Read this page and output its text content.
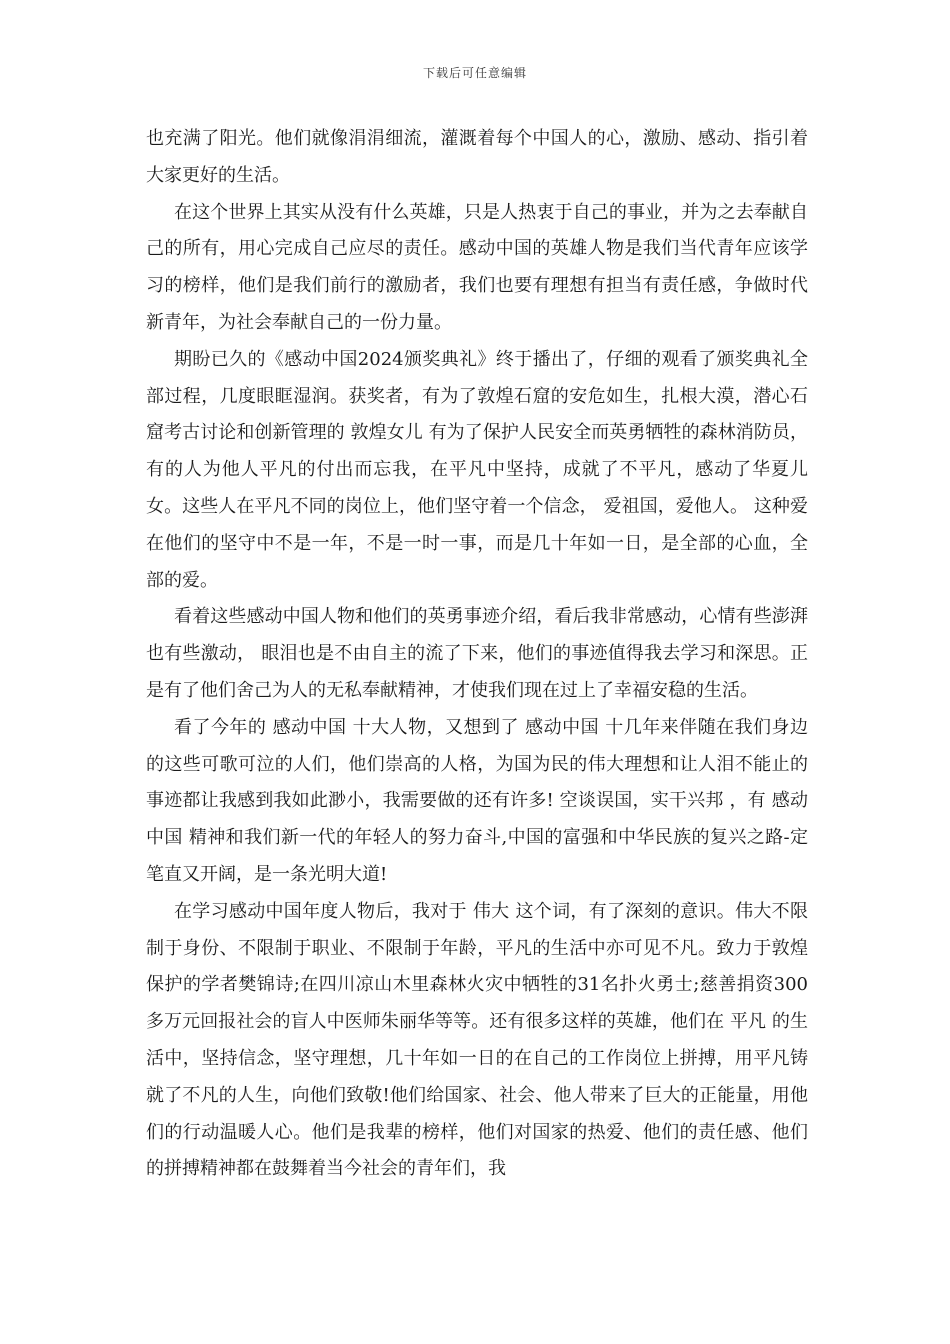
下载后可任意编辑

也充满了阳光。他们就像涓涓细流，灌溉着每个中国人的心，激励、感动、指引着大家更好的生活。

在这个世界上其实从没有什么英雄，只是人热衷于自己的事业，并为之去奉献自己的所有，用心完成自己应尽的责任。感动中国的英雄人物是我们当代青年应该学习的榜样，他们是我们前行的激励者，我们也要有理想有担当有责任感，争做时代新青年，为社会奉献自己的一份力量。

期盼已久的《感动中国2024颁奖典礼》终于播出了，仔细的观看了颁奖典礼全部过程，几度眼眶湿润。获奖者，有为了敦煌石窟的安危如生，扎根大漠，潜心石窟考古讨论和创新管理的 敦煌女儿 有为了保护人民安全而英勇牺牲的森林消防员，有的人为他人平凡的付出而忘我，在平凡中坚持，成就了不平凡，感动了华夏儿女。这些人在平凡不同的岗位上，他们坚守着一个信念， 爱祖国，爱他人。 这种爱在他们的坚守中不是一年，不是一时一事，而是几十年如一日，是全部的心血，全部的爱。

看着这些感动中国人物和他们的英勇事迹介绍，看后我非常感动，心情有些澎湃也有些激动， 眼泪也是不由自主的流了下来，他们的事迹值得我去学习和深思。正是有了他们舍己为人的无私奉献精神，才使我们现在过上了幸福安稳的生活。

看了今年的 感动中国 十大人物，又想到了 感动中国 十几年来伴随在我们身边的这些可歌可泣的人们，他们崇高的人格，为国为民的伟大理想和让人泪不能止的事迹都让我感到我如此渺小，我需要做的还有许多! 空谈误国，实干兴邦 ，有 感动中国 精神和我们新一代的年轻人的努力奋斗,中国的富强和中华民族的复兴之路-定笔直又开阔，是一条光明大道!

在学习感动中国年度人物后，我对于 伟大 这个词，有了深刻的意识。伟大不限制于身份、不限制于职业、不限制于年龄，平凡的生活中亦可见不凡。致力于敦煌保护的学者樊锦诗;在四川凉山木里森林火灾中牺牲的31名扑火勇士;慈善捐资300多万元回报社会的盲人中医师朱丽华等等。还有很多这样的英雄，他们在 平凡 的生活中，坚持信念，坚守理想，几十年如一日的在自己的工作岗位上拼搏，用平凡铸就了不凡的人生，向他们致敬!他们给国家、社会、他人带来了巨大的正能量，用他们的行动温暖人心。他们是我辈的榜样，他们对国家的热爱、他们的责任感、他们的拼搏精神都在鼓舞着当今社会的青年们，我
